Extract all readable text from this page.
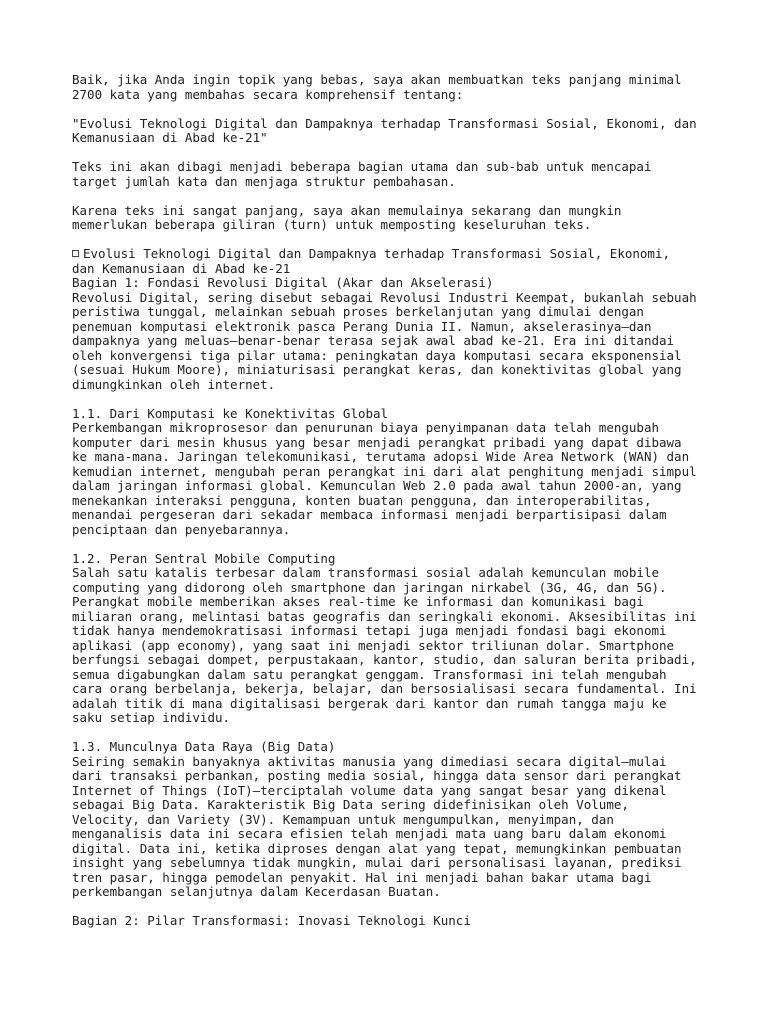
Baik, jika Anda ingin topik yang bebas, saya akan membuatkan teks panjang minimal
2700 kata yang membahas secara komprehensif tentang:
"Evolusi Teknologi Digital dan Dampaknya terhadap Transformasi Sosial, Ekonomi, dan
Kemanusiaan di Abad ke-21"
Teks ini akan dibagi menjadi beberapa bagian utama dan sub-bab untuk mencapai
target jumlah kata dan menjaga struktur pembahasan.
Karena teks ini sangat panjang, saya akan memulainya sekarang dan mungkin
memerlukan beberapa giliran (turn) untuk memposting keseluruhan teks.
Evolusi Teknologi Digital dan Dampaknya terhadap Transformasi Sosial, Ekonomi,
dan Kemanusiaan di Abad ke-21
Bagian 1: Fondasi Revolusi Digital (Akar dan Akselerasi)
Revolusi Digital, sering disebut sebagai Revolusi Industri Keempat, bukanlah sebuah
peristiwa tunggal, melainkan sebuah proses berkelanjutan yang dimulai dengan
penemuan komputasi elektronik pasca Perang Dunia II. Namun, akselerasinya—dan
dampaknya yang meluas—benar-benar terasa sejak awal abad ke-21. Era ini ditandai
oleh konvergensi tiga pilar utama: peningkatan daya komputasi secara eksponensial
(sesuai Hukum Moore), miniaturisasi perangkat keras, dan konektivitas global yang
dimungkinkan oleh internet.
1.1. Dari Komputasi ke Konektivitas Global
Perkembangan mikroprosesor dan penurunan biaya penyimpanan data telah mengubah
komputer dari mesin khusus yang besar menjadi perangkat pribadi yang dapat dibawa
ke mana-mana. Jaringan telekomunikasi, terutama adopsi Wide Area Network (WAN) dan
kemudian internet, mengubah peran perangkat ini dari alat penghitung menjadi simpul
dalam jaringan informasi global. Kemunculan Web 2.0 pada awal tahun 2000-an, yang
menekankan interaksi pengguna, konten buatan pengguna, dan interoperabilitas,
menandai pergeseran dari sekadar membaca informasi menjadi berpartisipasi dalam
penciptaan dan penyebarannya.
1.2. Peran Sentral Mobile Computing
Salah satu katalis terbesar dalam transformasi sosial adalah kemunculan mobile
computing yang didorong oleh smartphone dan jaringan nirkabel (3G, 4G, dan 5G).
Perangkat mobile memberikan akses real-time ke informasi dan komunikasi bagi
miliaran orang, melintasi batas geografis dan seringkali ekonomi. Aksesibilitas ini
tidak hanya mendemokratisasi informasi tetapi juga menjadi fondasi bagi ekonomi
aplikasi (app economy), yang saat ini menjadi sektor triliunan dolar. Smartphone
berfungsi sebagai dompet, perpustakaan, kantor, studio, dan saluran berita pribadi,
semua digabungkan dalam satu perangkat genggam. Transformasi ini telah mengubah
cara orang berbelanja, bekerja, belajar, dan bersosialisasi secara fundamental. Ini
adalah titik di mana digitalisasi bergerak dari kantor dan rumah tangga maju ke
saku setiap individu.
1.3. Munculnya Data Raya (Big Data)
Seiring semakin banyaknya aktivitas manusia yang dimediasi secara digital—mulai
dari transaksi perbankan, posting media sosial, hingga data sensor dari perangkat
Internet of Things (IoT)—terciptalah volume data yang sangat besar yang dikenal
sebagai Big Data. Karakteristik Big Data sering didefinisikan oleh Volume,
Velocity, dan Variety (3V). Kemampuan untuk mengumpulkan, menyimpan, dan
menganalisis data ini secara efisien telah menjadi mata uang baru dalam ekonomi
digital. Data ini, ketika diproses dengan alat yang tepat, memungkinkan pembuatan
insight yang sebelumnya tidak mungkin, mulai dari personalisasi layanan, prediksi
tren pasar, hingga pemodelan penyakit. Hal ini menjadi bahan bakar utama bagi
perkembangan selanjutnya dalam Kecerdasan Buatan.
Bagian 2: Pilar Transformasi: Inovasi Teknologi Kunci
